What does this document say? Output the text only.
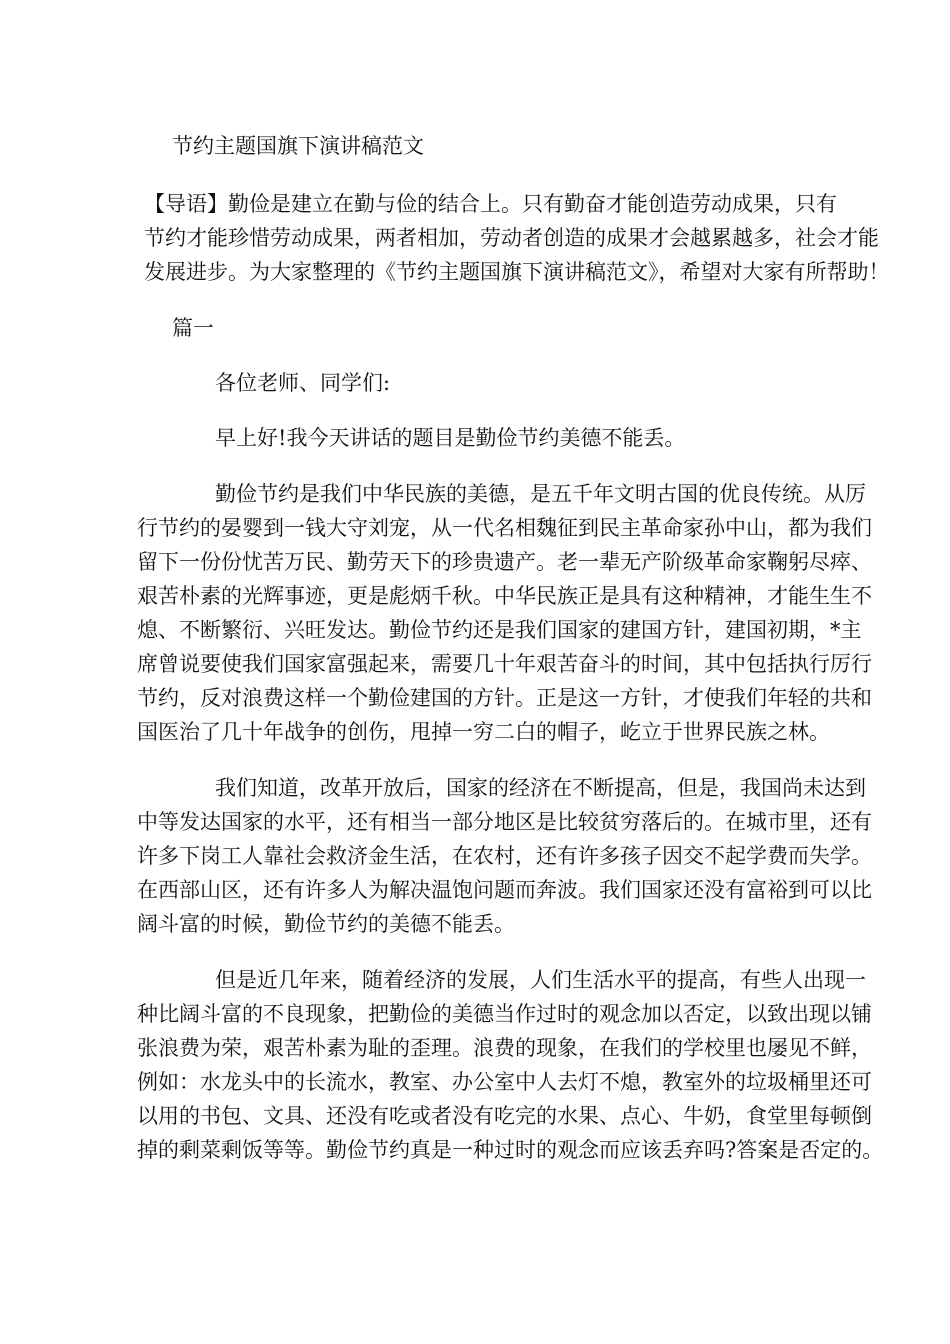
节约主题国旗下演讲稿范文
【导语】勤俭是建立在勤与俭的结合上。只有勤奋才能创造劳动成果，只有
节约才能珍惜劳动成果，两者相加，劳动者创造的成果才会越累越多，社会才能
发展进步。为大家整理的《节约主题国旗下演讲稿范文》，希望对大家有所帮助！
篇一
各位老师、同学们:
早上好!我今天讲话的题目是勤俭节约美德不能丢。
勤俭节约是我们中华民族的美德，是五千年文明古国的优良传统。从厉
行节约的晏婴到一钱大守刘宠，从一代名相魏征到民主革命家孙中山，都为我们
留下一份份忧苦万民、勤劳天下的珍贵遗产。老一辈无产阶级革命家鞠躬尽瘁、
艰苦朴素的光辉事迹，更是彪炳千秋。中华民族正是具有这种精神，才能生生不
熄、不断繁衍、兴旺发达。勤俭节约还是我们国家的建国方针，建国初期，*主
席曾说要使我们国家富强起来，需要几十年艰苦奋斗的时间，其中包括执行厉行
节约，反对浪费这样一个勤俭建国的方针。正是这一方针，才使我们年轻的共和
国医治了几十年战争的创伤，甩掉一穷二白的帽子，屹立于世界民族之林。
我们知道，改革开放后，国家的经济在不断提高，但是，我国尚未达到
中等发达国家的水平，还有相当一部分地区是比较贫穷落后的。在城市里，还有
许多下岗工人靠社会救济金生活，在农村，还有许多孩子因交不起学费而失学。
在西部山区，还有许多人为解决温饱问题而奔波。我们国家还没有富裕到可以比
阔斗富的时候，勤俭节约的美德不能丢。
但是近几年来，随着经济的发展，人们生活水平的提高，有些人出现一
种比阔斗富的不良现象，把勤俭的美德当作过时的观念加以否定，以致出现以铺
张浪费为荣，艰苦朴素为耻的歪理。浪费的现象，在我们的学校里也屡见不鲜，
例如：水龙头中的长流水，教室、办公室中人去灯不熄，教室外的垃圾桶里还可
以用的书包、文具、还没有吃或者没有吃完的水果、点心、牛奶，食堂里每顿倒
掉的剩菜剩饭等等。勤俭节约真是一种过时的观念而应该丢弃吗?答案是否定的。
